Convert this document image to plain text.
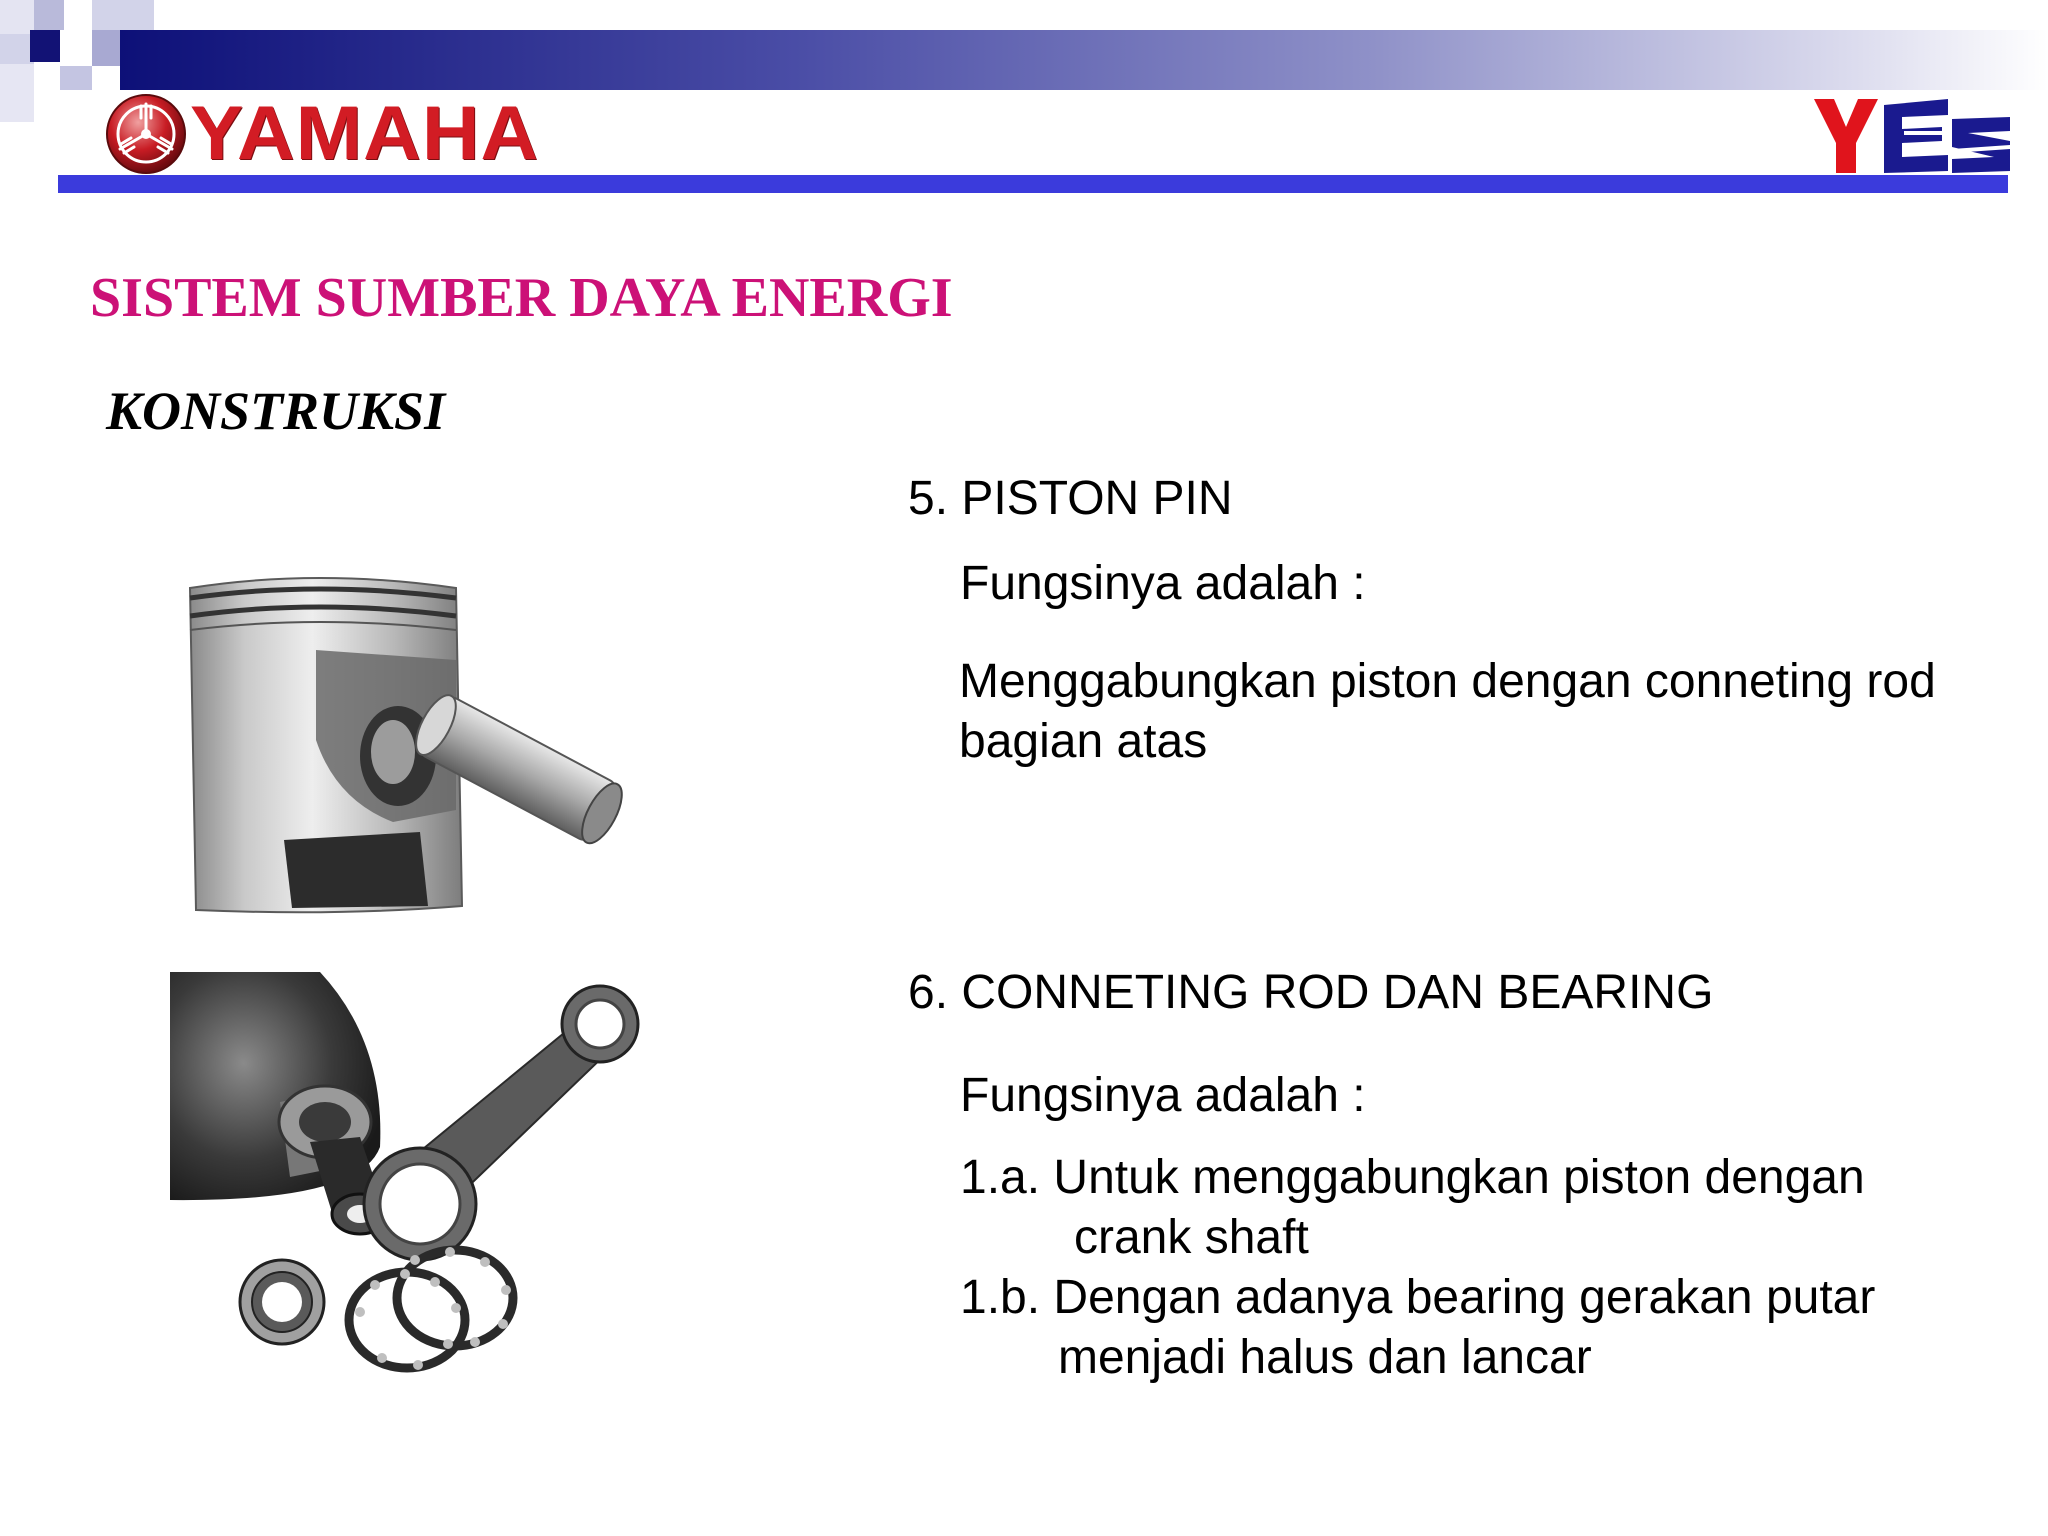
YAMAHA
SISTEM SUMBER DAYA ENERGI
KONSTRUKSI

5. PISTON PIN

Fungsinya adalah :

Menggabungkan piston dengan conneting rod

bagian atas

6. CONNETING ROD DAN BEARING

Fungsinya adalah :

1.a. Untuk menggabungkan piston dengan

crank shaft

1.b. Dengan adanya bearing gerakan putar

menjadi halus dan lancar
